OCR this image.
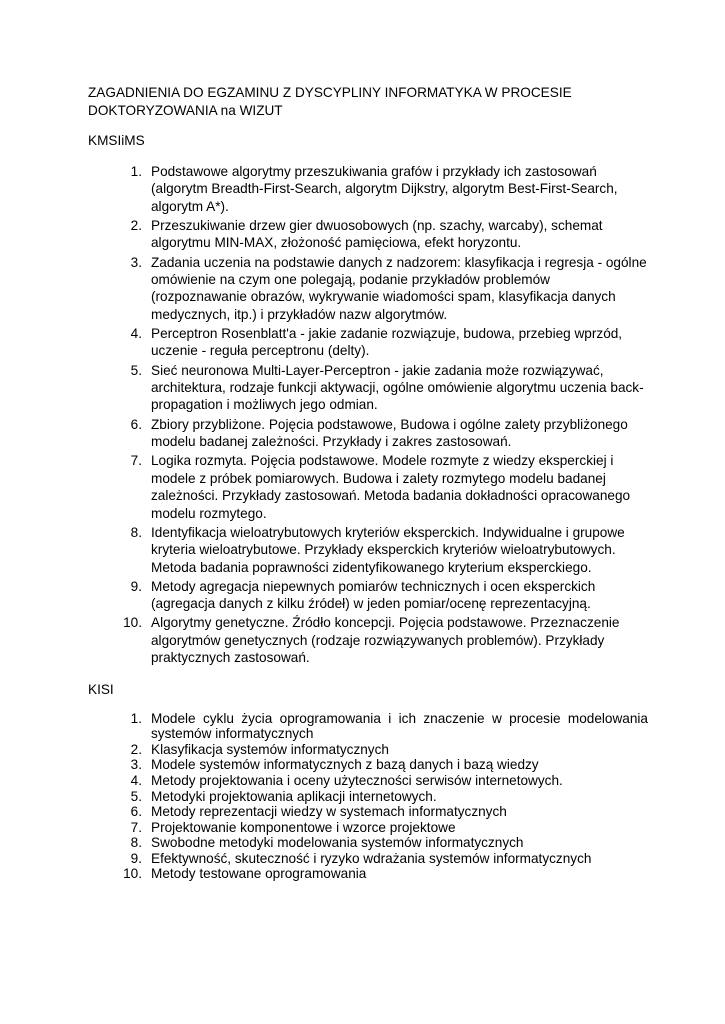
ZAGADNIENIA DO EGZAMINU Z DYSCYPLINY INFORMATYKA W PROCESIE DOKTORYZOWANIA na WIZUT

KMSIiMS

1. Podstawowe algorytmy przeszukiwania grafów i przykłady ich zastosowań (algorytm Breadth-First-Search, algorytm Dijkstry, algorytm Best-First-Search, algorytm A*).
2. Przeszukiwanie drzew gier dwuosobowych (np. szachy, warcaby), schemat algorytmu MIN-MAX, złożoność pamięciowa, efekt horyzontu.
3. Zadania uczenia na podstawie danych z nadzorem: klasyfikacja i regresja - ogólne omówienie na czym one polegają, podanie przykładów problemów (rozpoznawanie obrazów, wykrywanie wiadomości spam, klasyfikacja danych medycznych, itp.) i przykładów nazw algorytmów.
4. Perceptron Rosenblatt'a - jakie zadanie rozwiązuje, budowa, przebieg wprzód, uczenie - reguła perceptronu (delty).
5. Sieć neuronowa Multi-Layer-Perceptron - jakie zadania może rozwiązywać, architektura, rodzaje funkcji aktywacji, ogólne omówienie algorytmu uczenia back-propagation i możliwych jego odmian.
6. Zbiory przybliżone. Pojęcia podstawowe, Budowa i ogólne zalety przybliżonego modelu badanej zależności. Przykłady i zakres zastosowań.
7. Logika rozmyta. Pojęcia podstawowe. Modele rozmyte z wiedzy eksperckiej i modele z próbek pomiarowych. Budowa i zalety rozmytego modelu badanej zależności. Przykłady zastosowań. Metoda badania dokładności opracowanego modelu rozmytego.
8. Identyfikacja wieloatrybutowych kryteriów eksperckich. Indywidualne i grupowe kryteria wieloatrybutowe. Przykłady eksperckich kryteriów wieloatrybutowych. Metoda badania poprawności zidentyfikowanego kryterium eksperckiego.
9. Metody agregacja niepewnych pomiarów technicznych i ocen eksperckich (agregacja danych z kilku źródeł) w jeden pomiar/ocenę reprezentacyjną.
10. Algorytmy genetyczne. Źródło koncepcji. Pojęcia podstawowe. Przeznaczenie algorytmów genetycznych (rodzaje rozwiązywanych problemów). Przykłady praktycznych zastosowań.

KISI

1. Modele cyklu życia oprogramowania i ich znaczenie w procesie modelowania systemów informatycznych
2. Klasyfikacja systemów informatycznych
3. Modele systemów informatycznych z bazą danych i bazą wiedzy
4. Metody projektowania i oceny użyteczności serwisów internetowych.
5. Metodyki projektowania aplikacji internetowych.
6. Metody reprezentacji wiedzy w systemach informatycznych
7. Projektowanie komponentowe i wzorce projektowe
8. Swobodne metodyki modelowania systemów informatycznych
9. Efektywność, skuteczność i ryzyko wdrażania systemów informatycznych
10. Metody testowane oprogramowania
